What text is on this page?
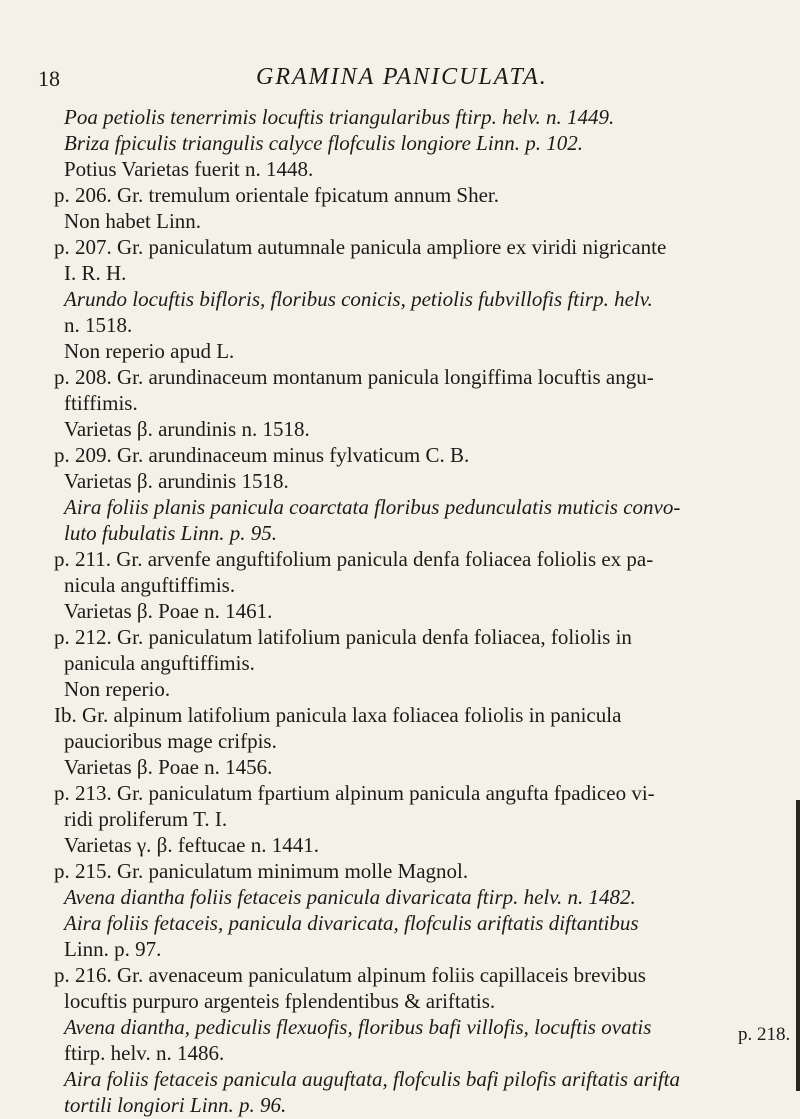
18	GRAMINA PANICULATA.
Poa petiolis tenerrimis locuftis triangularibus ftirp. helv. n. 1449.
Briza fpiculis triangulis calyce flofculis longiore Linn. p. 102.
Potius Varietas fuerit n. 1448.
p. 206. Gr. tremulum orientale fpicatum annum Sher.
Non habet Linn.
p. 207. Gr. paniculatum autumnale panicula ampliore ex viridi nigricante
I. R. H.
Arundo locuftis bifloris, floribus conicis, petiolis fubvillofis ftirp. helv.
n. 1518.
Non reperio apud L.
p. 208. Gr. arundinaceum montanum panicula longiffima locuftis angu-
ftiffimis.
Varietas β. arundinis n. 1518.
p. 209. Gr. arundinaceum minus fylvaticum C. B.
Varietas β. arundinis 1518.
Aira foliis planis panicula coarctata floribus pedunculatis muticis convo-
luto fubulatis Linn. p. 95.
p. 211. Gr. arvenfe anguftifolium panicula denfa foliacea foliolis ex pa-
nicula anguftiffimis.
Varietas β. Poae n. 1461.
p. 212. Gr. paniculatum latifolium panicula denfa foliacea, foliolis in
panicula anguftiffimis.
Non reperio.
Ib. Gr. alpinum latifolium panicula laxa foliacea foliolis in panicula
paucioribus mage crifpis.
Varietas β. Poae n. 1456.
p. 213. Gr. paniculatum fpartium alpinum panicula angufta fpadiceo vi-
ridi proliferum T. I.
Varietas γ. β. feftucae n. 1441.
p. 215. Gr. paniculatum minimum molle Magnol.
Avena diantha foliis fetaceis panicula divaricata ftirp. helv. n. 1482.
Aira foliis fetaceis, panicula divaricata, flofculis ariftatis diftantibus
Linn. p. 97.
p. 216. Gr. avenaceum paniculatum alpinum foliis capillaceis brevibus
locuftis purpuro argenteis fplendentibus & ariftatis.
Avena diantha, pediculis flexuofis, floribus bafi villofis, locuftis ovatis
ftirp. helv. n. 1486.
Aira foliis fetaceis panicula auguftata, flofculis bafi pilofis ariftatis arifta
tortili longiori Linn. p. 96.
p. 218.
